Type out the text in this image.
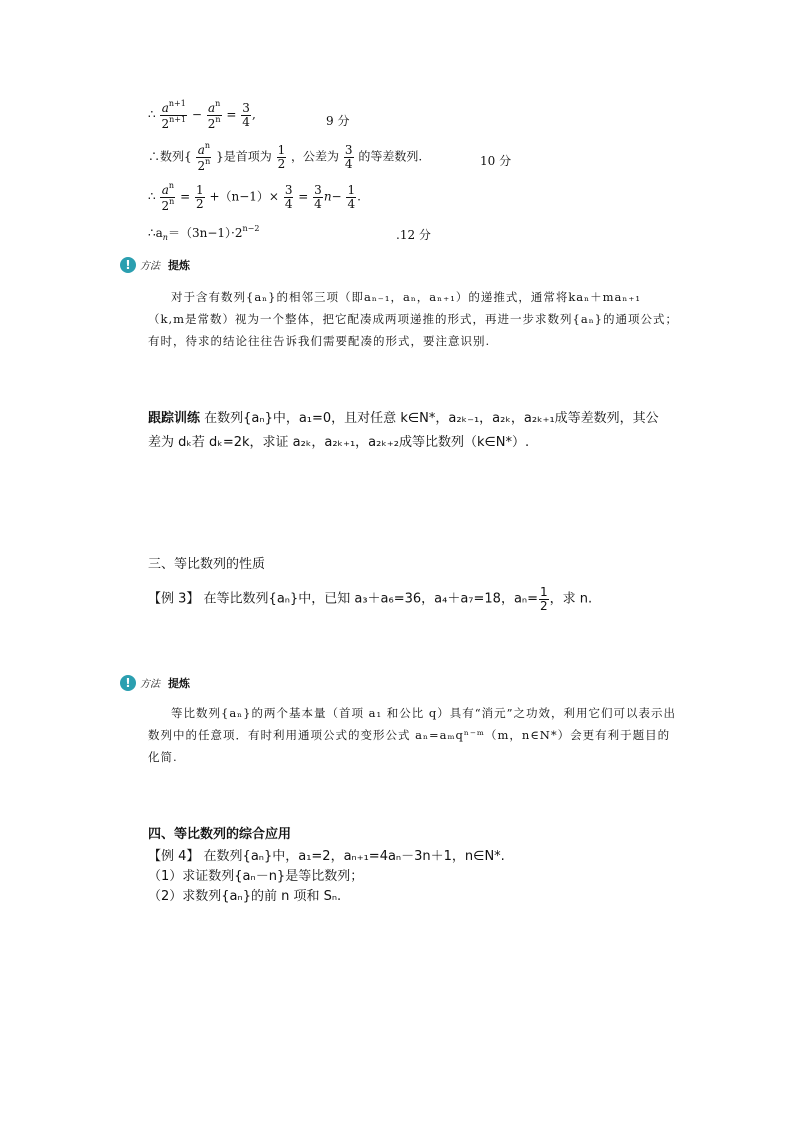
∴ $\frac{a^{n+1}}{2^{n+1}} - \frac{a^n}{2^n} = \frac{3}{4}$ ,	9 分
∴数列{ $\frac{a^n}{2^n}$ }是首项为 $\frac{1}{2}$ ，公差为 $\frac{3}{4}$ 的等差数列.	10 分
∴ $\frac{a^n}{2^n} = \frac{1}{2} +(n-1)\times \frac{3}{4} = \frac{3}{4} n- \frac{1}{4}$ .
$\therefore a_n=(3n-1)\cdot 2^{n-2}$	.12 分
! 方法 提炼
对于含有数列{aₙ}的相邻三项（即aₙ₋₁，aₙ，aₙ₊₁）的递推式，通常将kaₙ＋maₙ₊₁（k,m是常数）视为一个整体，把它配凑成两项递推的形式，再进一步求数列{aₙ}的通项公式；有时，待求的结论往往告诉我们需要配凑的形式，要注意识别.
跟踪训练 在数列{aₙ}中，a₁=0，且对任意 k∈N*，a₂ₖ₋₁，a₂ₖ，a₂ₖ₊₁成等差数列，其公
差为 dₖ若 dₖ=2k，求证 a₂ₖ，a₂ₖ₊₁，a₂ₖ₊₂成等比数列（k∈N*）.
三、等比数列的性质
【例 3】 在等比数列{aₙ}中，已知 a₃＋a₆=36，a₄＋a₇=18，$a_n= \frac{1}{2}$ ，求 n.
! 方法 提炼
等比数列{aₙ}的两个基本量（首项 a₁ 和公比 q）具有“消元”之功效，利用它们可以表示出数列中的任意项．有时利用通项公式的变形公式 aₙ=aₘqⁿ⁻ᵐ（m，n∈N*）会更有利于题目的化简.
四、等比数列的综合应用
【例 4】 在数列{aₙ}中，a₁=2，aₙ₊₁=4aₙ－3n＋1，n∈N*.
（1）求证数列{aₙ－n}是等比数列；
（2）求数列{aₙ}的前 n 项和 Sₙ.
